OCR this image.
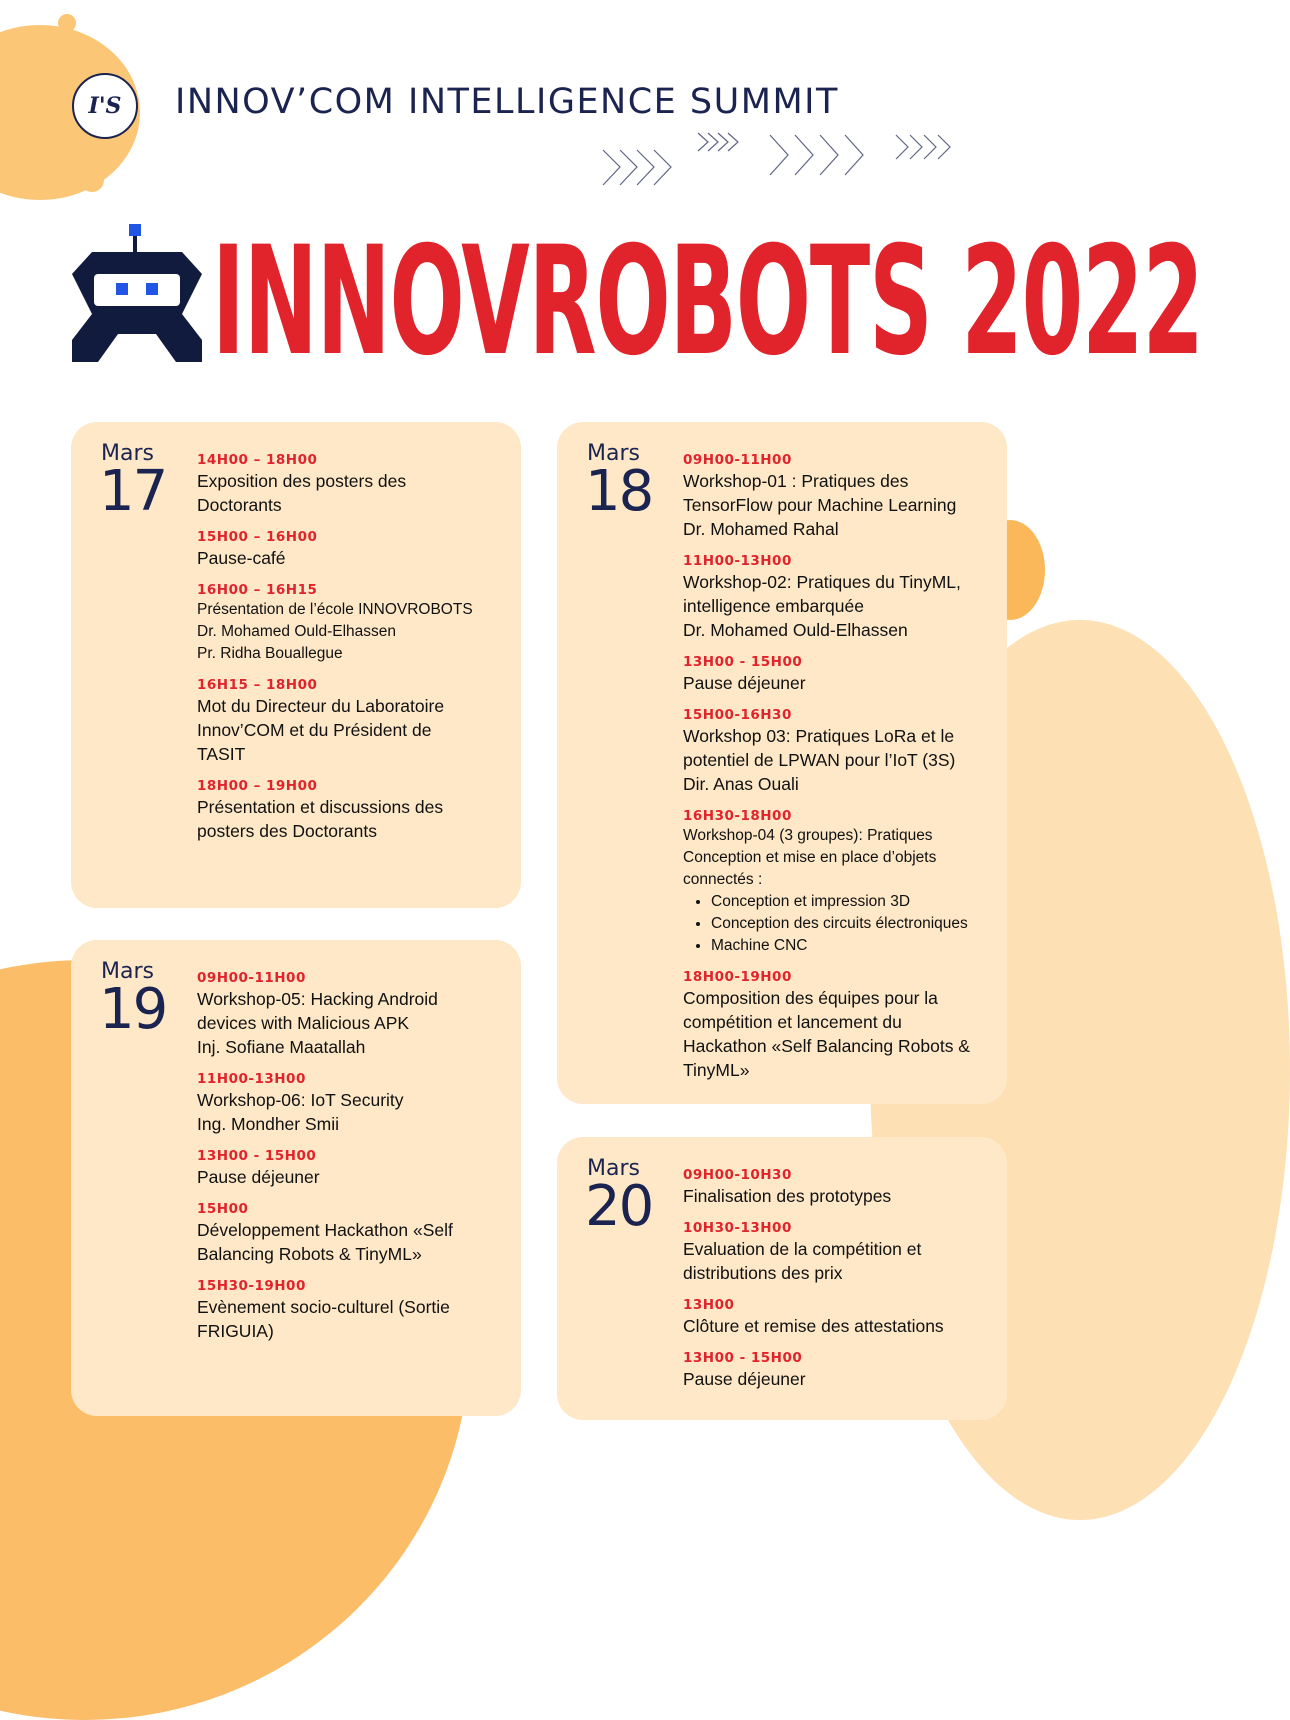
I'S INNOV’COM INTELLIGENCE SUMMIT
INNOVROBOTS 2022
Mars
17 14H00 – 18H00
Exposition des posters des
Doctorants
15H00 – 16H00
Pause-café
16H00 – 16H15
Présentation de l’école INNOVROBOTS
Dr. Mohamed Ould-Elhassen
Pr. Ridha Bouallegue
16H15 – 18H00
Mot du Directeur du Laboratoire
Innov’COM et du Président de
TASIT
18H00 – 19H00
Présentation et discussions des
posters des Doctorants
Mars
18 09H00-11H00
Workshop-01 : Pratiques des
TensorFlow pour Machine Learning
Dr. Mohamed Rahal
11H00-13H00
Workshop-02: Pratiques du TinyML,
intelligence embarquée
Dr. Mohamed Ould-Elhassen
13H00 - 15H00
Pause déjeuner
15H00-16H30
Workshop 03: Pratiques LoRa et le
potentiel de LPWAN pour l’IoT (3S)
Dir. Anas Ouali
16H30-18H00
Workshop-04 (3 groupes): Pratiques
Conception et mise en place d’objets
connectés :
• Conception et impression 3D
• Conception des circuits électroniques
• Machine CNC
18H00-19H00
Composition des équipes pour la
compétition et lancement du
Hackathon «Self Balancing Robots &
TinyML»
Mars
19 09H00-11H00
Workshop-05: Hacking Android
devices with Malicious APK
Inj. Sofiane Maatallah
11H00-13H00
Workshop-06: IoT Security
Ing. Mondher Smii
13H00 - 15H00
Pause déjeuner
15H00
Développement Hackathon «Self
Balancing Robots & TinyML»
15H30-19H00
Evènement socio-culturel (Sortie
FRIGUIA)
Mars
20 09H00-10H30
Finalisation des prototypes
10H30-13H00
Evaluation de la compétition et
distributions des prix
13H00
Clôture et remise des attestations
13H00 - 15H00
Pause déjeuner
